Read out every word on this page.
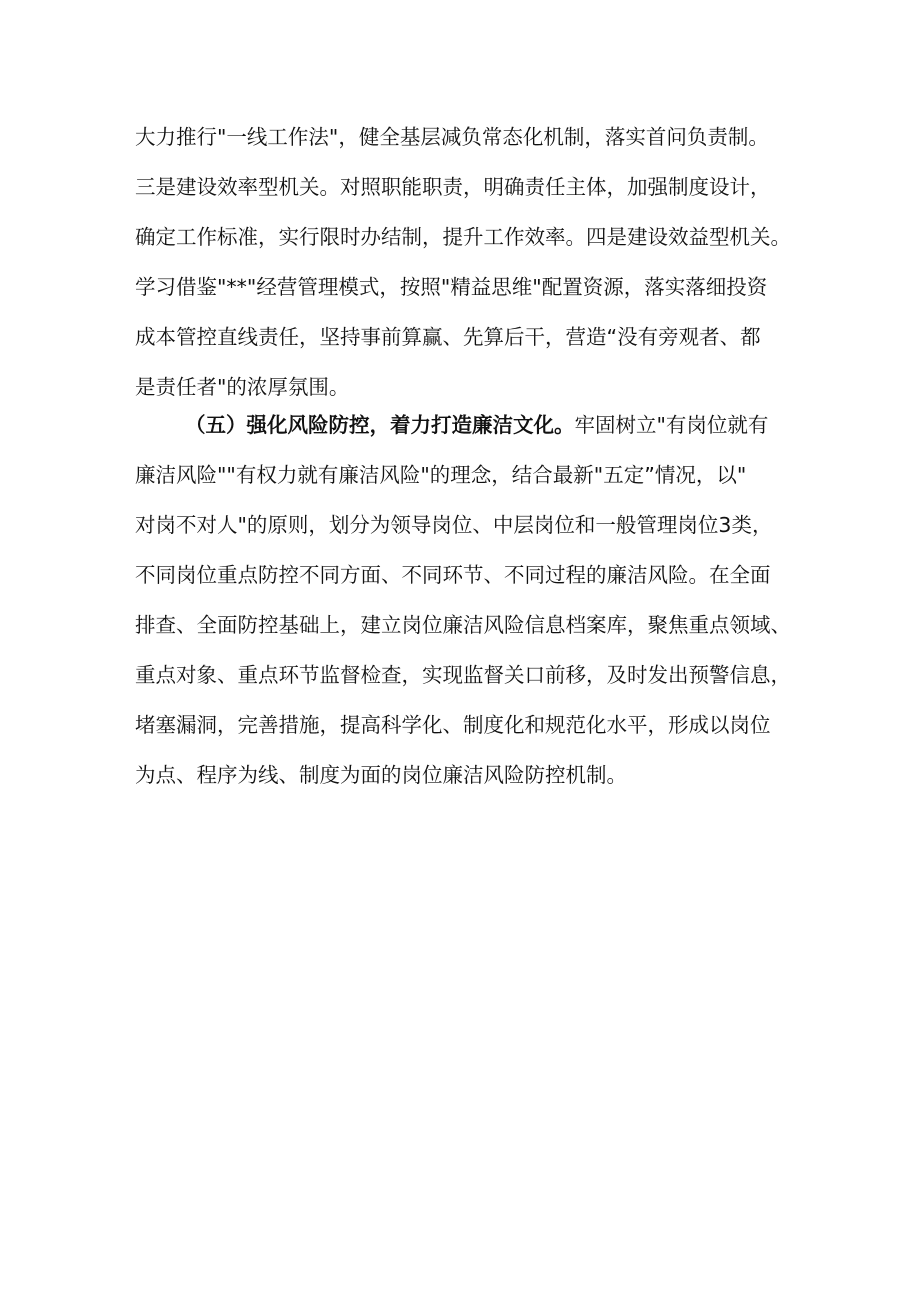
大力推行"一线工作法"，健全基层减负常态化机制，落实首问负责制。
三是建设效率型机关。对照职能职责，明确责任主体，加强制度设计，
确定工作标准，实行限时办结制，提升工作效率。四是建设效益型机关。
学习借鉴"**"经营管理模式，按照"精益思维"配置资源，落实落细投资
成本管控直线责任，坚持事前算赢、先算后干，营造“没有旁观者、都
是责任者"的浓厚氛围。
（五）强化风险防控，着力打造廉洁文化。牢固树立"有岗位就有
廉洁风险""有权力就有廉洁风险"的理念，结合最新"五定”情况，以"
对岗不对人"的原则，划分为领导岗位、中层岗位和一般管理岗位3类，
不同岗位重点防控不同方面、不同环节、不同过程的廉洁风险。在全面
排查、全面防控基础上，建立岗位廉洁风险信息档案库，聚焦重点领域、
重点对象、重点环节监督检查，实现监督关口前移，及时发出预警信息，
堵塞漏洞，完善措施，提高科学化、制度化和规范化水平，形成以岗位
为点、程序为线、制度为面的岗位廉洁风险防控机制。
